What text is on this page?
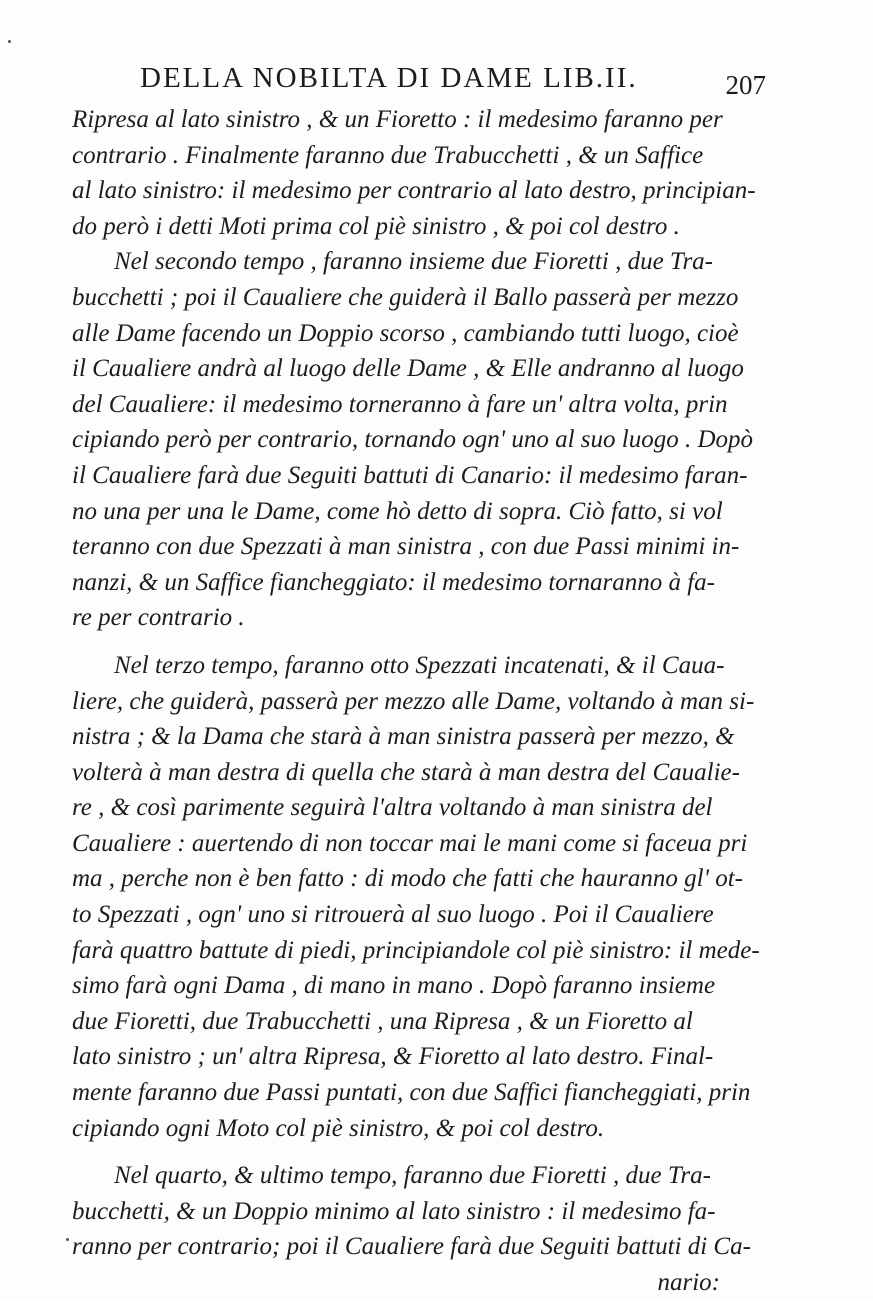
DELLA NOBILTA DI DAME LIB.II.	207
Ripresa al lato sinistro , & un Fioretto : il medesimo faranno per
contrario . Finalmente faranno due Trabucchetti , & un Saffice
al lato sinistro: il medesimo per contrario al lato destro, principian-
do però i detti Moti prima col piè sinistro , & poi col destro .
Nel secondo tempo , faranno insieme due Fioretti , due Tra-
bucchetti ; poi il Caualiere che guiderà il Ballo passerà per mezzo
alle Dame facendo un Doppio scorso , cambiando tutti luogo, cioè
il Caualiere andrà al luogo delle Dame , & Elle andranno al luogo
del Caualiere: il medesimo torneranno à fare un' altra volta, prin
cipiando però per contrario, tornando ogn' uno al suo luogo . Dopò
il Caualiere farà due Seguiti battuti di Canario: il medesimo faran-
no una per una le Dame, come hò detto di sopra. Ciò fatto, si vol
teranno con due Spezzati à man sinistra , con due Passi minimi in-
nanzi, & un Saffice fiancheggiato: il medesimo tornaranno à fa-
re per contrario .
Nel terzo tempo, faranno otto Spezzati incatenati, & il Caua-
liere, che guiderà, passerà per mezzo alle Dame, voltando à man si-
nistra ; & la Dama che starà à man sinistra passerà per mezzo, &
volterà à man destra di quella che starà à man destra del Caualie-
re , & così parimente seguirà l'altra voltando à man sinistra del
Caualiere : auertendo di non toccar mai le mani come si faceua pri
ma , perche non è ben fatto : di modo che fatti che hauranno gl' ot-
to Spezzati , ogn' uno si ritrouerà al suo luogo . Poi il Caualiere
farà quattro battute di piedi, principiandole col piè sinistro: il mede-
simo farà ogni Dama , di mano in mano . Dopò faranno insieme
due Fioretti, due Trabucchetti , una Ripresa , & un Fioretto al
lato sinistro ; un' altra Ripresa, & Fioretto al lato destro. Final-
mente faranno due Passi puntati, con due Saffici fiancheggiati, prin
cipiando ogni Moto col piè sinistro, & poi col destro.
Nel quarto, & ultimo tempo, faranno due Fioretti , due Tra-
bucchetti, & un Doppio minimo al lato sinistro : il medesimo fa-
ranno per contrario; poi il Caualiere farà due Seguiti battuti di Ca-
nario:
